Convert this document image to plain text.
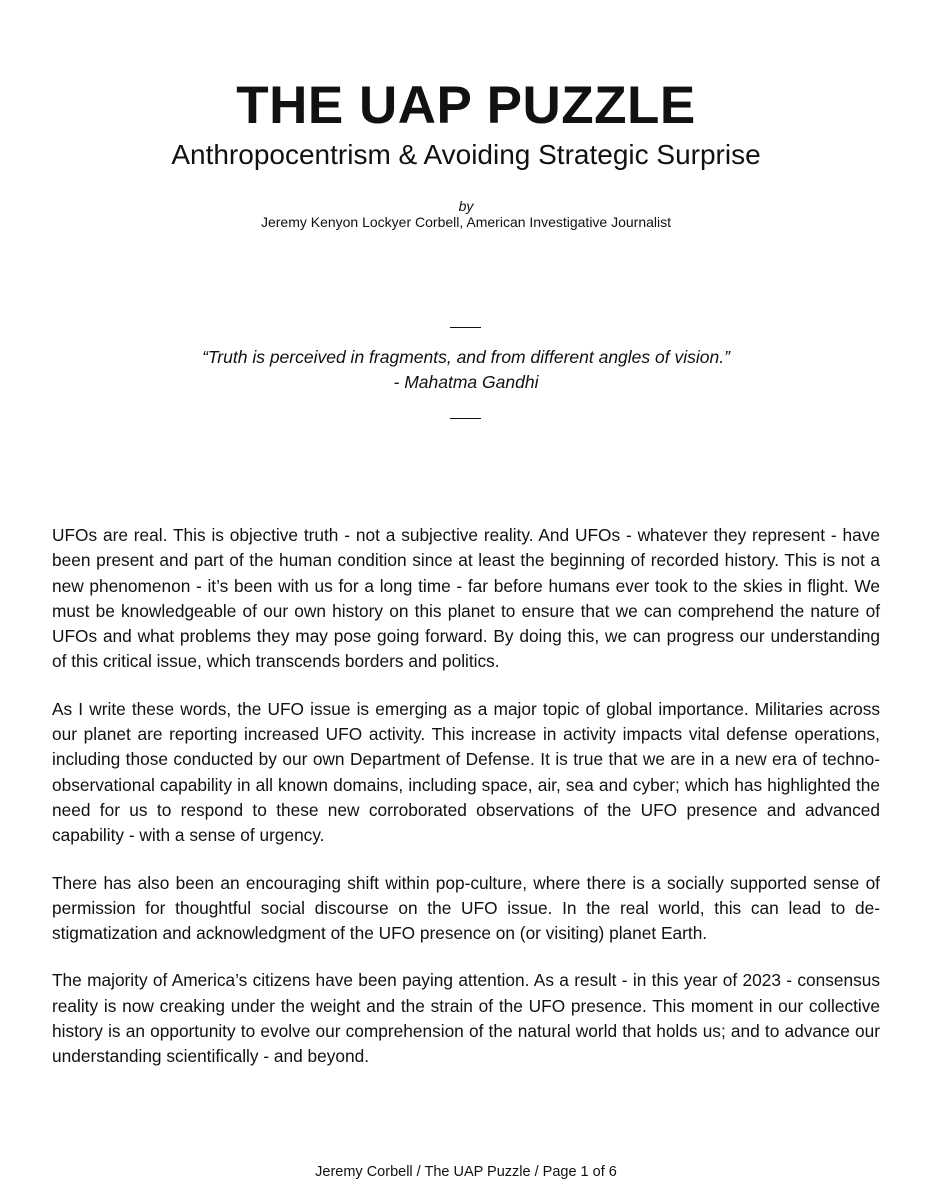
THE UAP PUZZLE
Anthropocentrism & Avoiding Strategic Surprise
by
Jeremy Kenyon Lockyer Corbell, American Investigative Journalist
“Truth is perceived in fragments, and from different angles of vision.”
- Mahatma Gandhi

UFOs are real. This is objective truth - not a subjective reality. And UFOs - whatever they represent - have been present and part of the human condition since at least the beginning of recorded history. This is not a new phenomenon - it’s been with us for a long time - far before humans ever took to the skies in flight. We must be knowledgeable of our own history on this planet to ensure that we can comprehend the nature of UFOs and what problems they may pose going forward. By doing this, we can progress our understanding of this critical issue, which transcends borders and politics.

As I write these words, the UFO issue is emerging as a major topic of global importance. Militaries across our planet are reporting increased UFO activity. This increase in activity impacts vital defense operations, including those conducted by our own Department of Defense. It is true that we are in a new era of techno-observational capability in all known domains, including space, air, sea and cyber; which has highlighted the need for us to respond to these new corroborated observations of the UFO presence and advanced capability - with a sense of urgency.

There has also been an encouraging shift within pop-culture, where there is a socially supported sense of permission for thoughtful social discourse on the UFO issue. In the real world, this can lead to de-stigmatization and acknowledgment of the UFO presence on (or visiting) planet Earth.

The majority of America’s citizens have been paying attention. As a result - in this year of 2023 - consensus reality is now creaking under the weight and the strain of the UFO presence. This moment in our collective history is an opportunity to evolve our comprehension of the natural world that holds us; and to advance our understanding scientifically - and beyond.

Jeremy Corbell / The UAP Puzzle / Page 1 of 6
